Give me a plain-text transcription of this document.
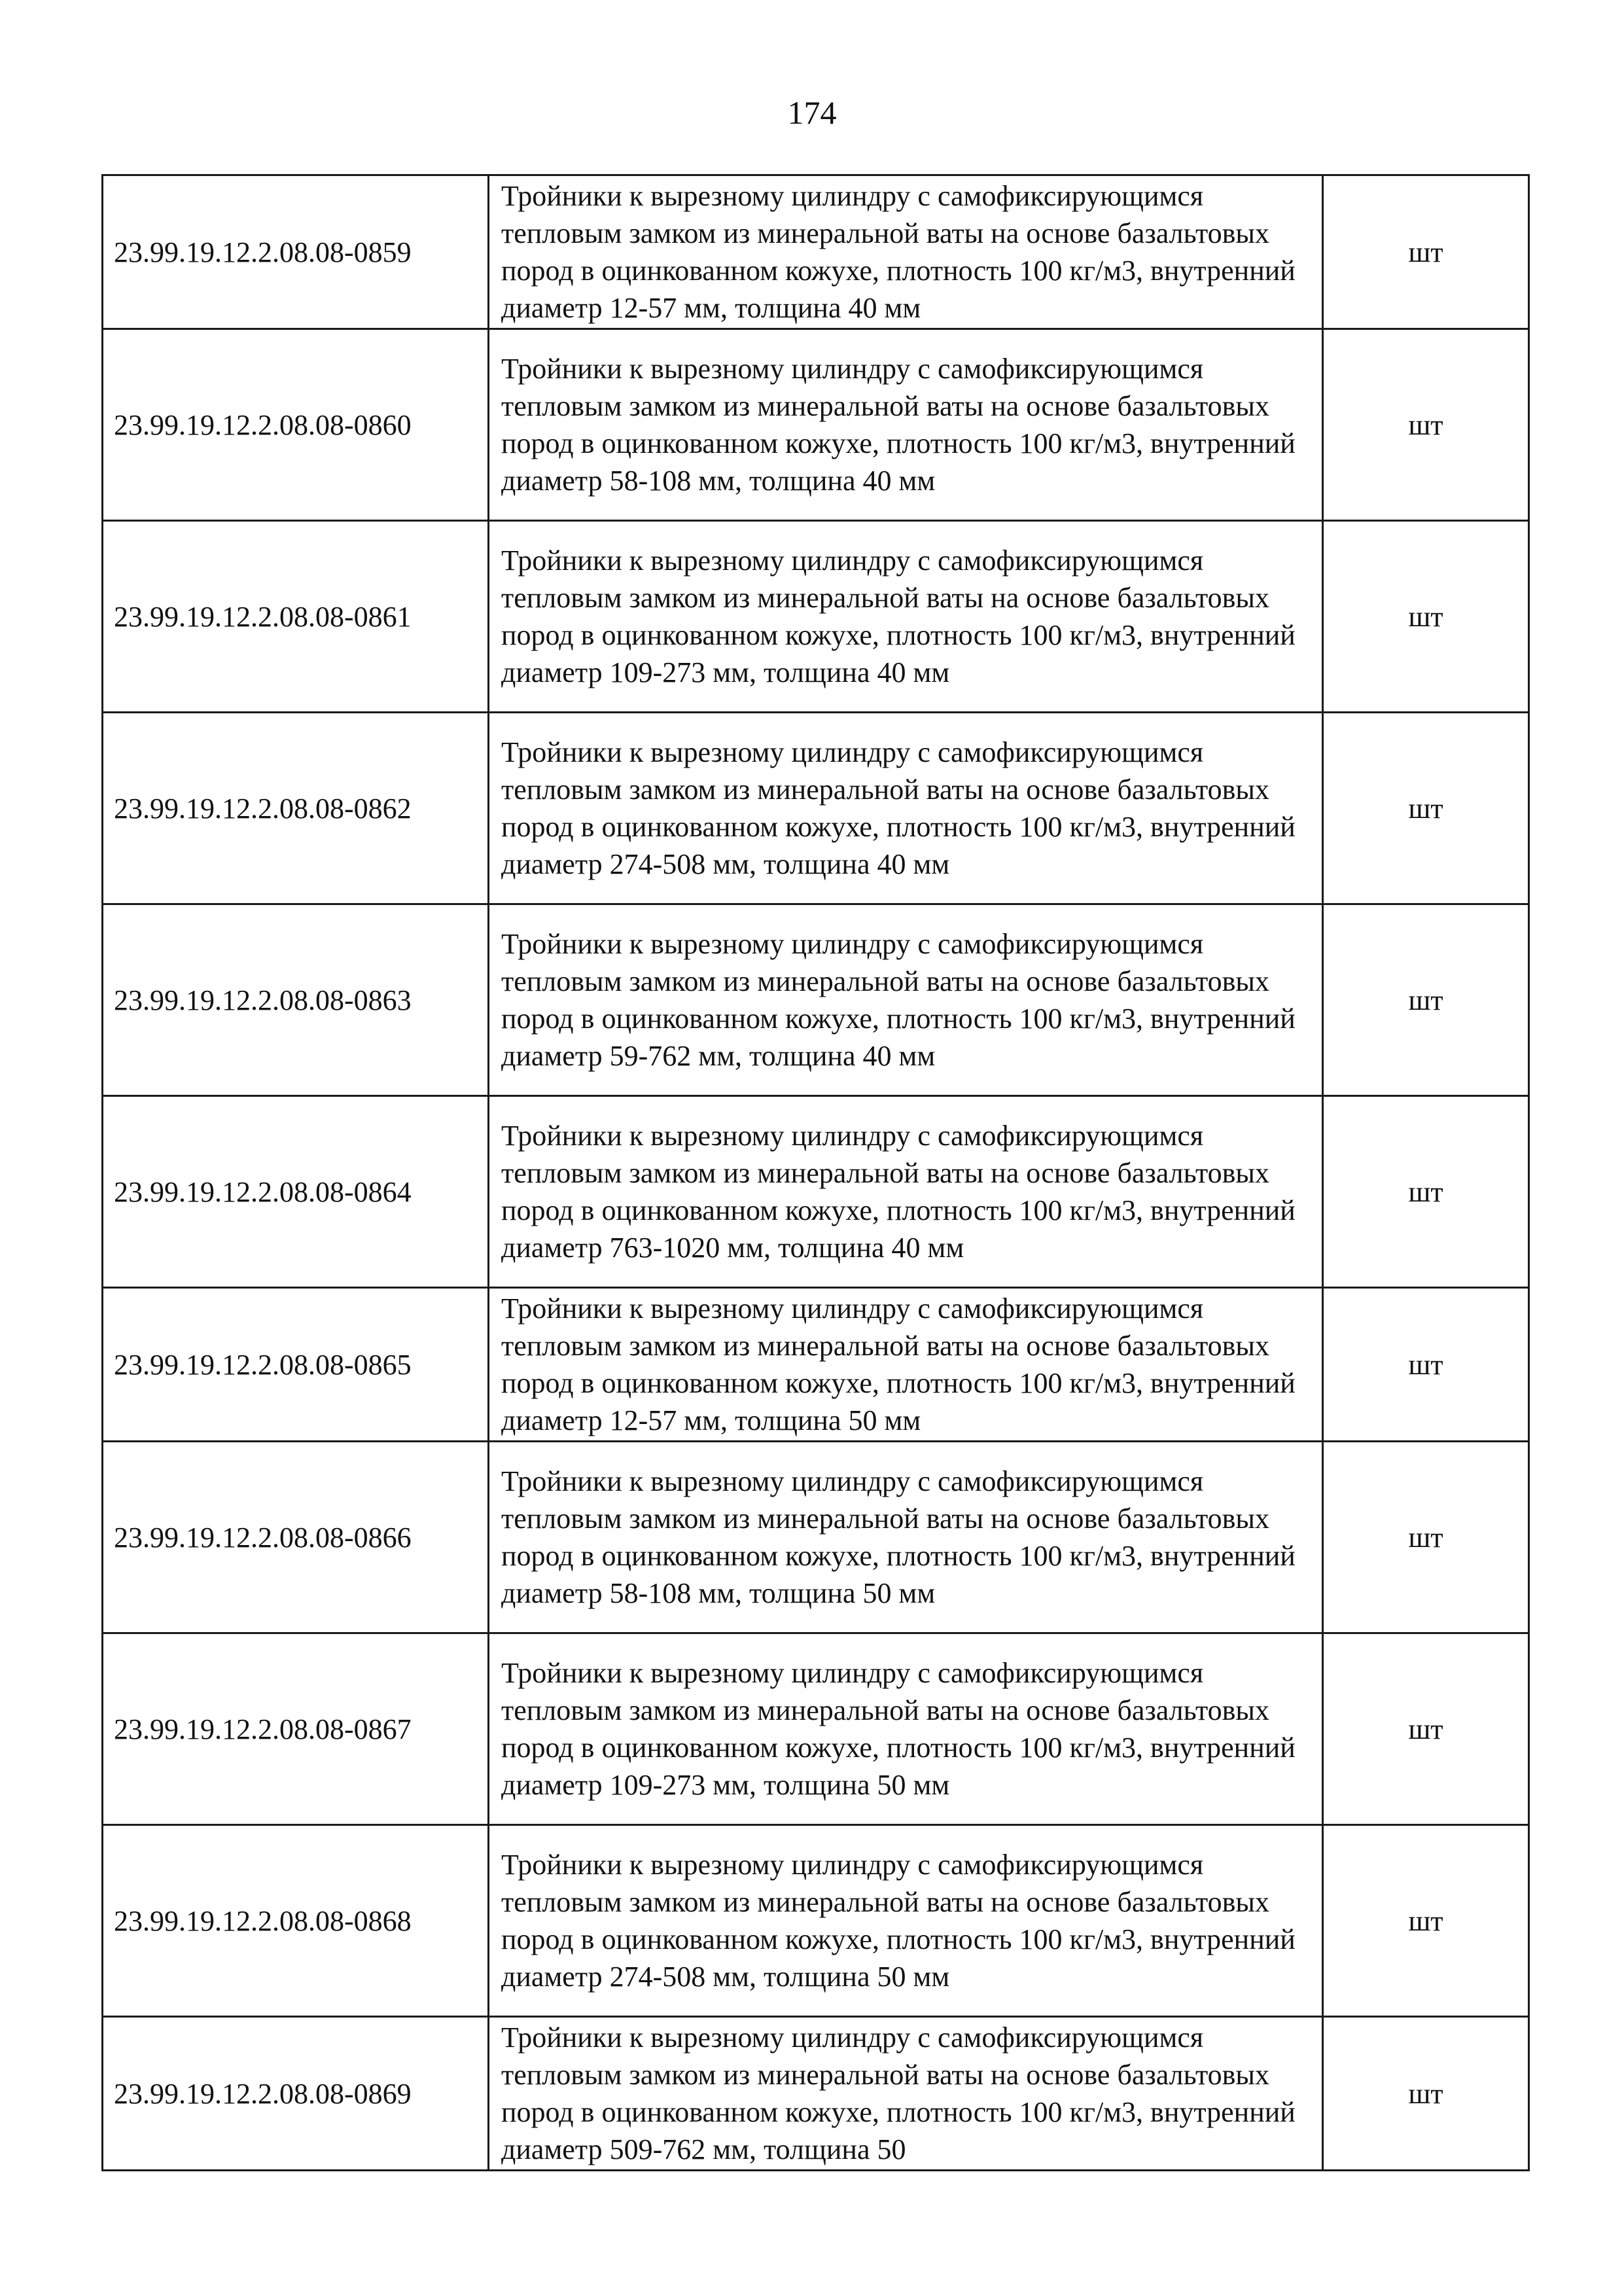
174
23.99.19.12.2.08.08-0859	Тройники к вырезному цилиндру с самофиксирующимся тепловым замком из минеральной ваты на основе базальтовых пород в оцинкованном кожухе, плотность 100 кг/м3, внутренний диаметр 12-57 мм, толщина 40 мм	шт
23.99.19.12.2.08.08-0860	Тройники к вырезному цилиндру с самофиксирующимся тепловым замком из минеральной ваты на основе базальтовых пород в оцинкованном кожухе, плотность 100 кг/м3, внутренний диаметр 58-108 мм, толщина 40 мм	шт
23.99.19.12.2.08.08-0861	Тройники к вырезному цилиндру с самофиксирующимся тепловым замком из минеральной ваты на основе базальтовых пород в оцинкованном кожухе, плотность 100 кг/м3, внутренний диаметр 109-273 мм, толщина 40 мм	шт
23.99.19.12.2.08.08-0862	Тройники к вырезному цилиндру с самофиксирующимся тепловым замком из минеральной ваты на основе базальтовых пород в оцинкованном кожухе, плотность 100 кг/м3, внутренний диаметр 274-508 мм, толщина 40 мм	шт
23.99.19.12.2.08.08-0863	Тройники к вырезному цилиндру с самофиксирующимся тепловым замком из минеральной ваты на основе базальтовых пород в оцинкованном кожухе, плотность 100 кг/м3, внутренний диаметр 59-762 мм, толщина 40 мм	шт
23.99.19.12.2.08.08-0864	Тройники к вырезному цилиндру с самофиксирующимся тепловым замком из минеральной ваты на основе базальтовых пород в оцинкованном кожухе, плотность 100 кг/м3, внутренний диаметр 763-1020 мм, толщина 40 мм	шт
23.99.19.12.2.08.08-0865	Тройники к вырезному цилиндру с самофиксирующимся тепловым замком из минеральной ваты на основе базальтовых пород в оцинкованном кожухе, плотность 100 кг/м3, внутренний диаметр 12-57 мм, толщина 50 мм	шт
23.99.19.12.2.08.08-0866	Тройники к вырезному цилиндру с самофиксирующимся тепловым замком из минеральной ваты на основе базальтовых пород в оцинкованном кожухе, плотность 100 кг/м3, внутренний диаметр 58-108 мм, толщина 50 мм	шт
23.99.19.12.2.08.08-0867	Тройники к вырезному цилиндру с самофиксирующимся тепловым замком из минеральной ваты на основе базальтовых пород в оцинкованном кожухе, плотность 100 кг/м3, внутренний диаметр 109-273 мм, толщина 50 мм	шт
23.99.19.12.2.08.08-0868	Тройники к вырезному цилиндру с самофиксирующимся тепловым замком из минеральной ваты на основе базальтовых пород в оцинкованном кожухе, плотность 100 кг/м3, внутренний диаметр 274-508 мм, толщина 50 мм	шт
23.99.19.12.2.08.08-0869	Тройники к вырезному цилиндру с самофиксирующимся тепловым замком из минеральной ваты на основе базальтовых пород в оцинкованном кожухе, плотность 100 кг/м3, внутренний диаметр 509-762 мм, толщина 50	шт
